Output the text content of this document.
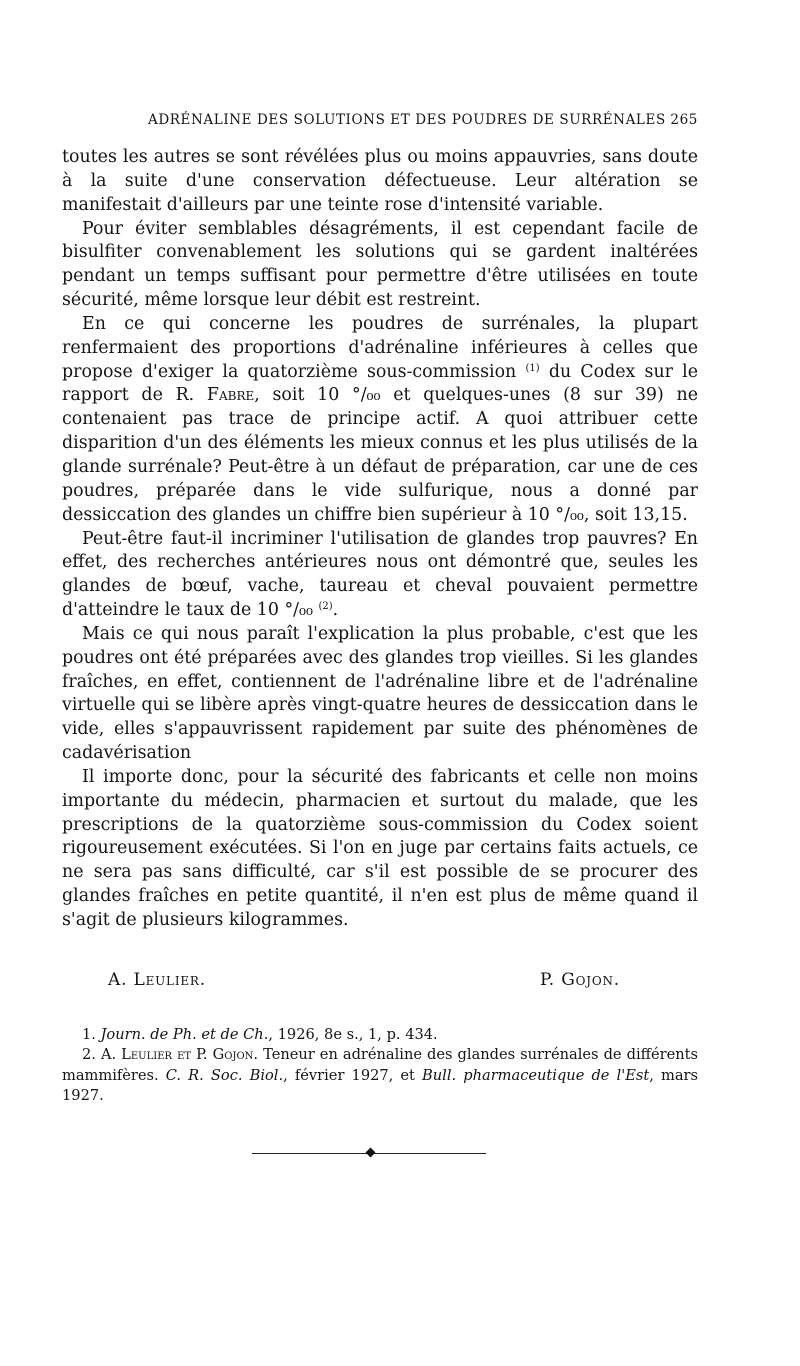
ADRÉNALINE DES SOLUTIONS ET DES POUDRES DE SURRÉNALES 265

toutes les autres se sont révélées plus ou moins appauvries, sans doute à la suite d'une conservation défectueuse. Leur altération se manifestait d'ailleurs par une teinte rose d'intensité variable.

Pour éviter semblables désagréments, il est cependant facile de bisulfiter convenablement les solutions qui se gardent inaltérées pendant un temps suffisant pour permettre d'être utilisées en toute sécurité, même lorsque leur débit est restreint.

En ce qui concerne les poudres de surrénales, la plupart renfermaient des proportions d'adrénaline inférieures à celles que propose d'exiger la quatorzième sous-commission $^{(1)}$ du Codex sur le rapport de R. Fabre, soit 10 °/₀₀ et quelques-unes (8 sur 39) ne contenaient pas trace de principe actif. A quoi attribuer cette disparition d'un des éléments les mieux connus et les plus utilisés de la glande surrénale? Peut-être à un défaut de préparation, car une de ces poudres, préparée dans le vide sulfurique, nous a donné par dessiccation des glandes un chiffre bien supérieur à 10 °/₀₀, soit 13,15.

Peut-être faut-il incriminer l'utilisation de glandes trop pauvres? En effet, des recherches antérieures nous ont démontré que, seules les glandes de bœuf, vache, taureau et cheval pouvaient permettre d'atteindre le taux de 10 °/₀₀ $^{(2)}$.

Mais ce qui nous paraît l'explication la plus probable, c'est que les poudres ont été préparées avec des glandes trop vieilles. Si les glandes fraîches, en effet, contiennent de l'adrénaline libre et de l'adrénaline virtuelle qui se libère après vingt-quatre heures de dessiccation dans le vide, elles s'appauvrissent rapidement par suite des phénomènes de cadavérisation

Il importe donc, pour la sécurité des fabricants et celle non moins importante du médecin, pharmacien et surtout du malade, que les prescriptions de la quatorzième sous-commission du Codex soient rigoureusement exécutées. Si l'on en juge par certains faits actuels, ce ne sera pas sans difficulté, car s'il est possible de se procurer des glandes fraîches en petite quantité, il n'en est plus de même quand il s'agit de plusieurs kilogrammes.

A. Leulier.	P. Gojon.

1. Journ. de Ph. et de Ch., 1926, 8e s., 1, p. 434.

2. A. Leulier et P. Gojon. Teneur en adrénaline des glandes surrénales de différents mammifères. C. R. Soc. Biol., février 1927, et Bull. pharmaceutique de l'Est, mars 1927.
